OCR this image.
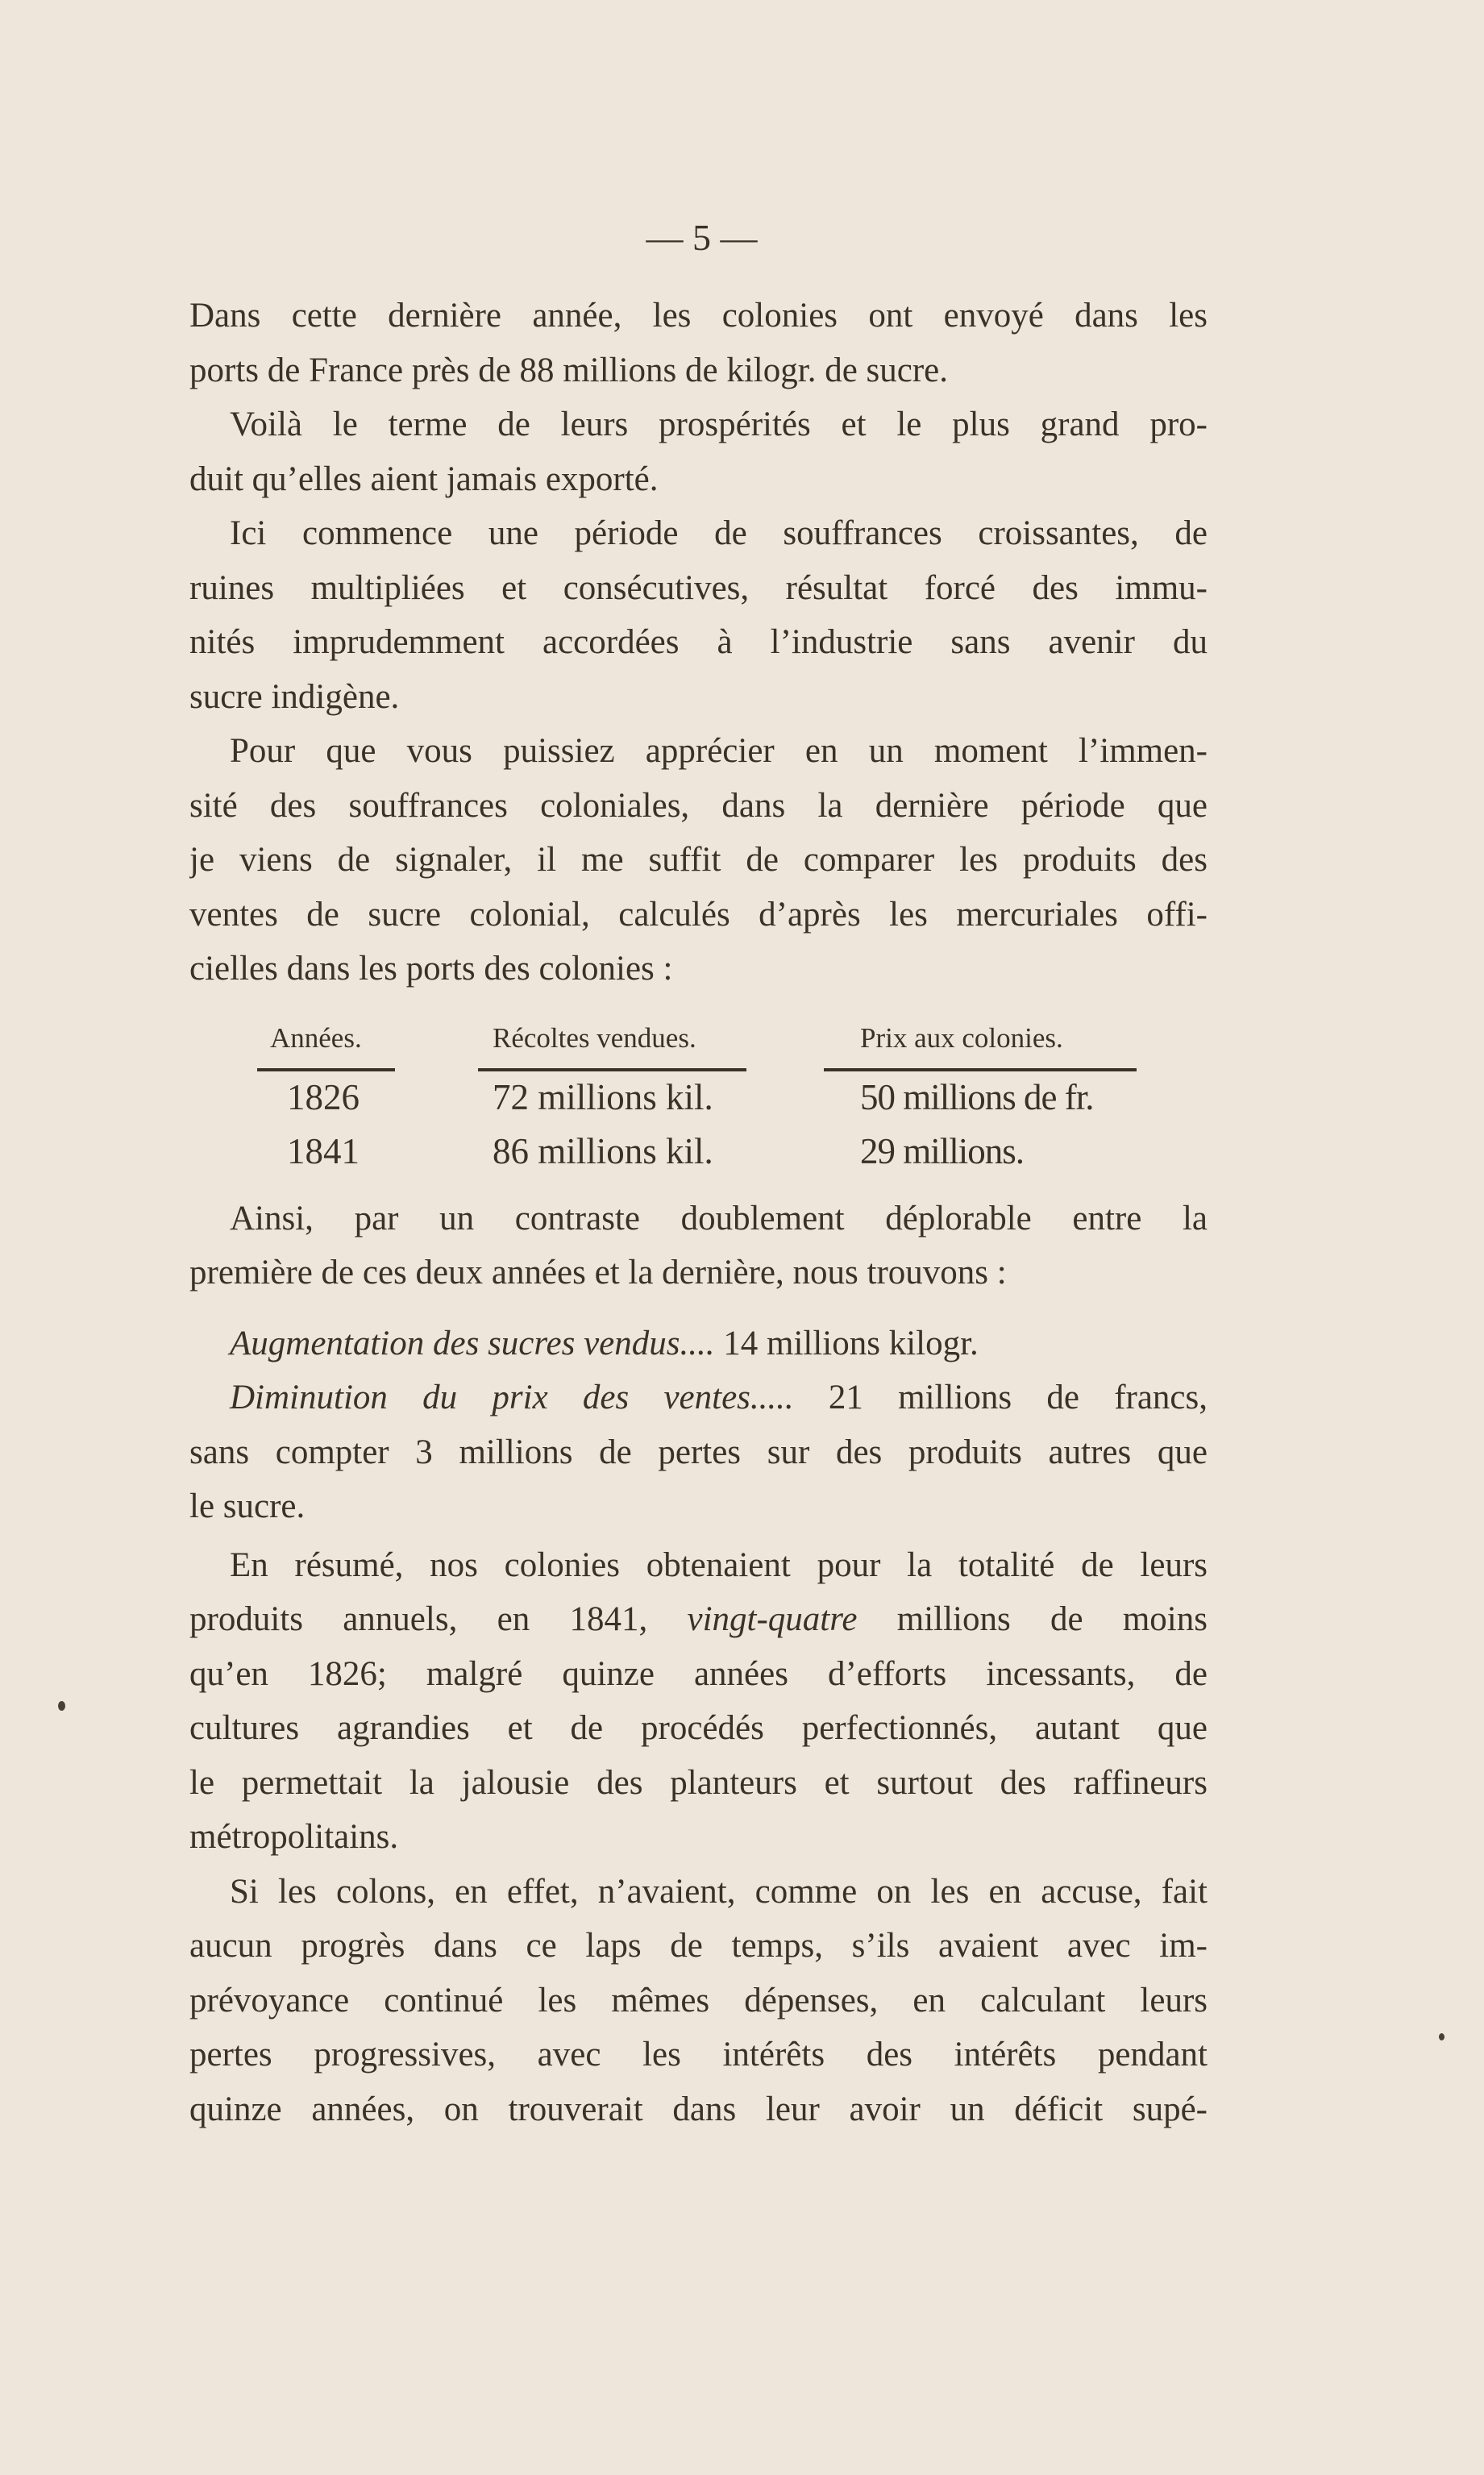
— 5 —
Dans cette dernière année, les colonies ont envoyé dans les
ports de France près de 88 millions de kilogr. de sucre.
Voilà le terme de leurs prospérités et le plus grand pro-
duit qu’elles aient jamais exporté.
Ici commence une période de souffrances croissantes, de
ruines multipliées et consécutives, résultat forcé des immu-
nités imprudemment accordées à l’industrie sans avenir du
sucre indigène.
Pour que vous puissiez apprécier en un moment l’immen-
sité des souffrances coloniales, dans la dernière période que
je viens de signaler, il me suffit de comparer les produits des
ventes de sucre colonial, calculés d’après les mercuriales offi-
cielles dans les ports des colonies :
Années.	Récoltes vendues.	Prix aux colonies.
1826	72 millions kil.	50 millions de fr.
1841	86 millions kil.	29 millions.
Ainsi, par un contraste doublement déplorable entre la
première de ces deux années et la dernière, nous trouvons :
Augmentation des sucres vendus.... 14 millions kilogr.
Diminution du prix des ventes..... 21 millions de francs,
sans compter 3 millions de pertes sur des produits autres que
le sucre.
En résumé, nos colonies obtenaient pour la totalité de leurs
produits annuels, en 1841, vingt-quatre millions de moins
qu’en 1826; malgré quinze années d’efforts incessants, de
cultures agrandies et de procédés perfectionnés, autant que
le permettait la jalousie des planteurs et surtout des raffineurs
métropolitains.
Si les colons, en effet, n’avaient, comme on les en accuse, fait
aucun progrès dans ce laps de temps, s’ils avaient avec im-
prévoyance continué les mêmes dépenses, en calculant leurs
pertes progressives, avec les intérêts des intérêts pendant
quinze années, on trouverait dans leur avoir un déficit supé-
